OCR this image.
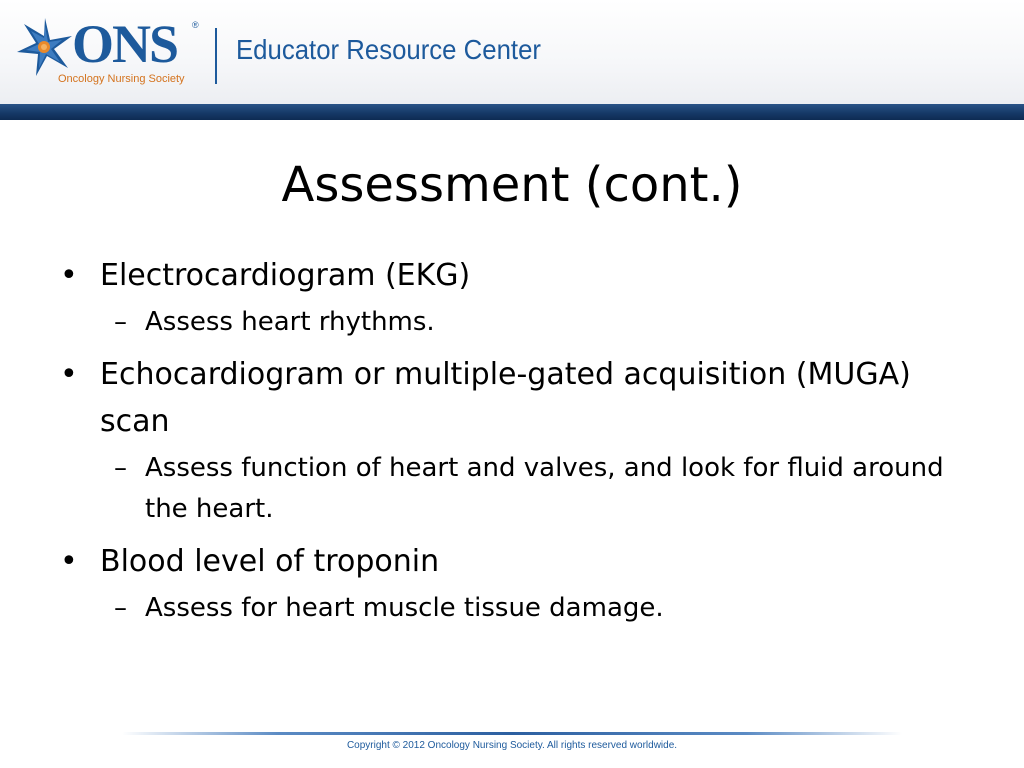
ONS ®
Oncology Nursing Society
Educator Resource Center
Assessment (cont.)

• Electrocardiogram (EKG)

– Assess heart rhythms.

• Echocardiogram or multiple-gated acquisition (MUGA) scan

– Assess function of heart and valves, and look for fluid around the heart.

• Blood level of troponin

– Assess for heart muscle tissue damage.

Copyright © 2012 Oncology Nursing Society. All rights reserved worldwide.
